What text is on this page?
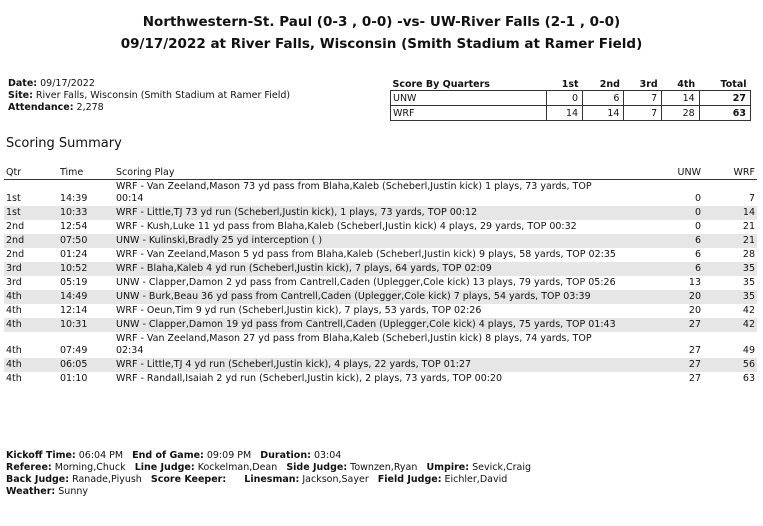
Northwestern-St. Paul (0-3 , 0-0) -vs- UW-River Falls (2-1 , 0-0)
09/17/2022 at River Falls, Wisconsin (Smith Stadium at Ramer Field)
Date: 09/17/2022
Site: River Falls, Wisconsin (Smith Stadium at Ramer Field)
Attendance: 2,278
Score By Quarters	1st	2nd	3rd	4th	Total
UNW	0	6	7	14	27
WRF	14	14	7	28	63
Scoring Summary
Qtr	Time	Scoring Play	UNW	WRF
1st	14:39	WRF - Van Zeeland,Mason 73 yd pass from Blaha,Kaleb (Scheberl,Justin kick) 1 plays, 73 yards, TOP 00:14	0	7
1st	10:33	WRF - Little,TJ 73 yd run (Scheberl,Justin kick), 1 plays, 73 yards, TOP 00:12	0	14
2nd	12:54	WRF - Kush,Luke 11 yd pass from Blaha,Kaleb (Scheberl,Justin kick) 4 plays, 29 yards, TOP 00:32	0	21
2nd	07:50	UNW - Kulinski,Bradly 25 yd interception ( )	6	21
2nd	01:24	WRF - Van Zeeland,Mason 5 yd pass from Blaha,Kaleb (Scheberl,Justin kick) 9 plays, 58 yards, TOP 02:35	6	28
3rd	10:52	WRF - Blaha,Kaleb 4 yd run (Scheberl,Justin kick), 7 plays, 64 yards, TOP 02:09	6	35
3rd	05:19	UNW - Clapper,Damon 2 yd pass from Cantrell,Caden (Uplegger,Cole kick) 13 plays, 79 yards, TOP 05:26	13	35
4th	14:49	UNW - Burk,Beau 36 yd pass from Cantrell,Caden (Uplegger,Cole kick) 7 plays, 54 yards, TOP 03:39	20	35
4th	12:14	WRF - Oeun,Tim 9 yd run (Scheberl,Justin kick), 7 plays, 53 yards, TOP 02:26	20	42
4th	10:31	UNW - Clapper,Damon 19 yd pass from Cantrell,Caden (Uplegger,Cole kick) 4 plays, 75 yards, TOP 01:43	27	42
4th	07:49	WRF - Van Zeeland,Mason 27 yd pass from Blaha,Kaleb (Scheberl,Justin kick) 8 plays, 74 yards, TOP 02:34	27	49
4th	06:05	WRF - Little,TJ 4 yd run (Scheberl,Justin kick), 4 plays, 22 yards, TOP 01:27	27	56
4th	01:10	WRF - Randall,Isaiah 2 yd run (Scheberl,Justin kick), 2 plays, 73 yards, TOP 00:20	27	63
Kickoff Time: 06:04 PM End of Game: 09:09 PM Duration: 03:04
Referee: Morning,Chuck Line Judge: Kockelman,Dean Side Judge: Townzen,Ryan Umpire: Sevick,Craig
Back Judge: Ranade,Piyush Score Keeper: Linesman: Jackson,Sayer Field Judge: Eichler,David
Weather: Sunny
